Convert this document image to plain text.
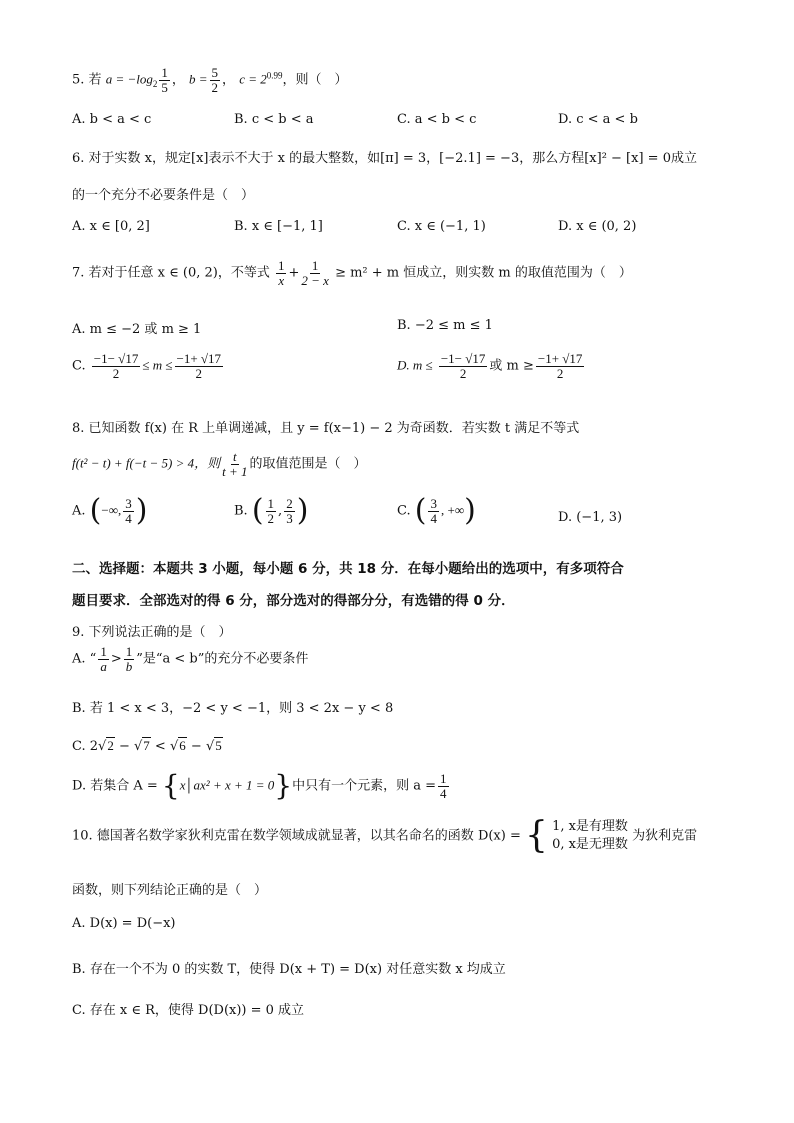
5. 若 $a = -\log_2 \frac{1}{5}$ ， $b = \frac{5}{2}$ ， $c = 2^{0.99}$，则（　）
A. b < a < c	B. c < b < a	C. a < b < c	D. c < a < b
6. 对于实数 x，规定[x]表示不大于 x 的最大整数，如[π] = 3，[−2.1] = −3，那么方程[x]² − [x] = 0成立
的一个充分不必要条件是（　）
A. x ∈ [0, 2]	B. x ∈ [−1, 1]	C. x ∈ (−1, 1)	D. x ∈ (0, 2)
7. 若对于任意 x ∈ (0, 2)，不等式 $\frac{1}{x} + \frac{1}{2 - x} \ge m^2 + m$ 恒成立，则实数 m 的取值范围为（　）
A. m ≤ −2 或 m ≥ 1	B. −2 ≤ m ≤ 1
C. $\frac{-1- √17}{2} \le m \le \frac{-1+ √17}{2}$	D. $m \le \frac{-1- √17}{2}$ 或 $m \ge \frac{-1+ √17}{2}$
8. 已知函数 f(x) 在 R 上单调递减，且 y = f(x−1) − 2 为奇函数．若实数 t 满足不等式
f(t² − t) + f(−t − 5) > 4，则 $\frac{t}{t + 1}$ 的取值范围是（　）
A. (−∞, $\frac{3}{4}$ )	B. ( $\frac{1}{2}$ , $\frac{2}{3}$ )	C. ( $\frac{3}{4}$ , +∞)	D. (−1, 3)
二、选择题：本题共 3 小题，每小题 6 分，共 18 分．在每小题给出的选项中，有多项符合
题目要求．全部选对的得 6 分，部分选对的得部分分，有选错的得 0 分．
9. 下列说法正确的是（　）
A. “ $\frac{1}{a} > \frac{1}{b}$ ”是“a < b”的充分不必要条件
B. 若 1 < x < 3，−2 < y < −1，则 3 < 2x − y < 8
C. 2√2 − √7 < √6 − √5
D. 若集合 A = {x│ax² + x + 1 = 0}中只有一个元素，则 $a = \frac{1}{4}$
10. 德国著名数学家狄利克雷在数学领域成就显著，以其名命名的函数 D(x) = { 1, x是有理数
0, x是无理数
为狄利克雷
函数，则下列结论正确的是（　）
A. D(x) = D(−x)
B. 存在一个不为 0 的实数 T，使得 D(x + T) = D(x) 对任意实数 x 均成立
C. 存在 x ∈ R，使得 D(D(x)) = 0 成立
